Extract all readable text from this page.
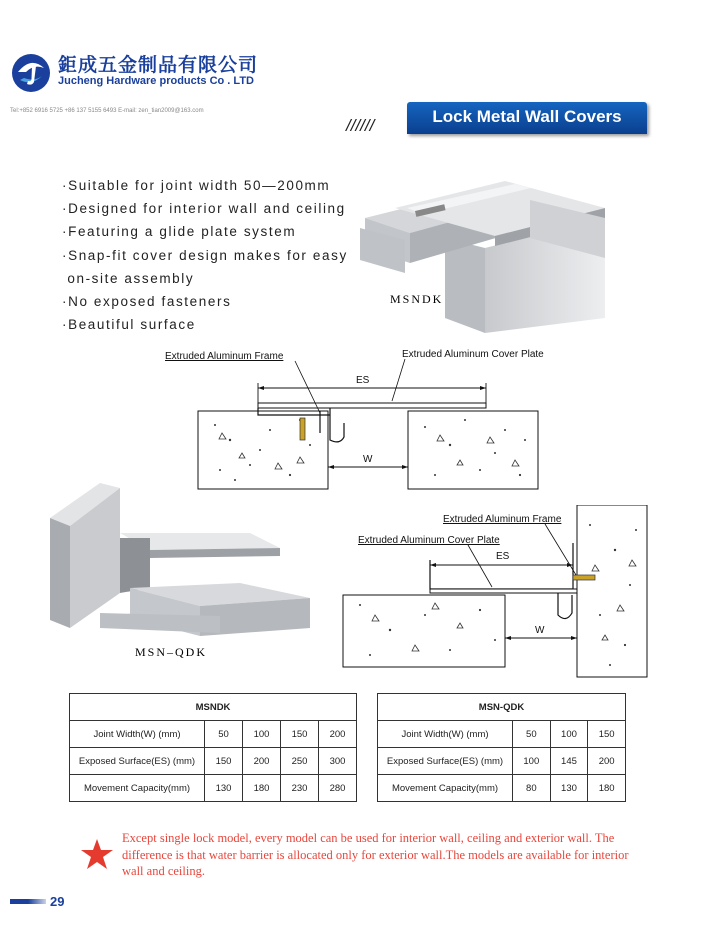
鉅成五金制品有限公司
Jucheng Hardware products Co . LTD
Tel:+852 6916 5725 +86 137 5155 6493 E-mail: zen_tian2009@163.com
//////	Lock Metal Wall Covers
·Suitable for joint width 50—200mm
·Designed for interior wall and ceiling
·Featuring a glide plate system
·Snap-fit cover design makes for easy
on-site assembly
·No exposed fasteners
·Beautiful surface
MSNDK
ES
W
Extruded Aluminum Frame	Extruded Aluminum Cover Plate
MSN–QDK
ES
W
Extruded Aluminum Frame
Extruded Aluminum Cover Plate
MSNDK				
Joint Width(W) (mm)	50	100	150	200
Exposed Surface(ES) (mm)	150	200	250	300
Movement Capacity(mm)	130	180	230	280
MSN-QDK			
Joint Width(W) (mm)	50	100	150
Exposed Surface(ES) (mm)	100	145	200
Movement Capacity(mm)	80	130	180
Except single lock model, every model can be used for interior wall, ceiling and exterior wall. The difference is that water barrier is allocated only for exterior wall.The models are available for interior wall and ceiling.
29
